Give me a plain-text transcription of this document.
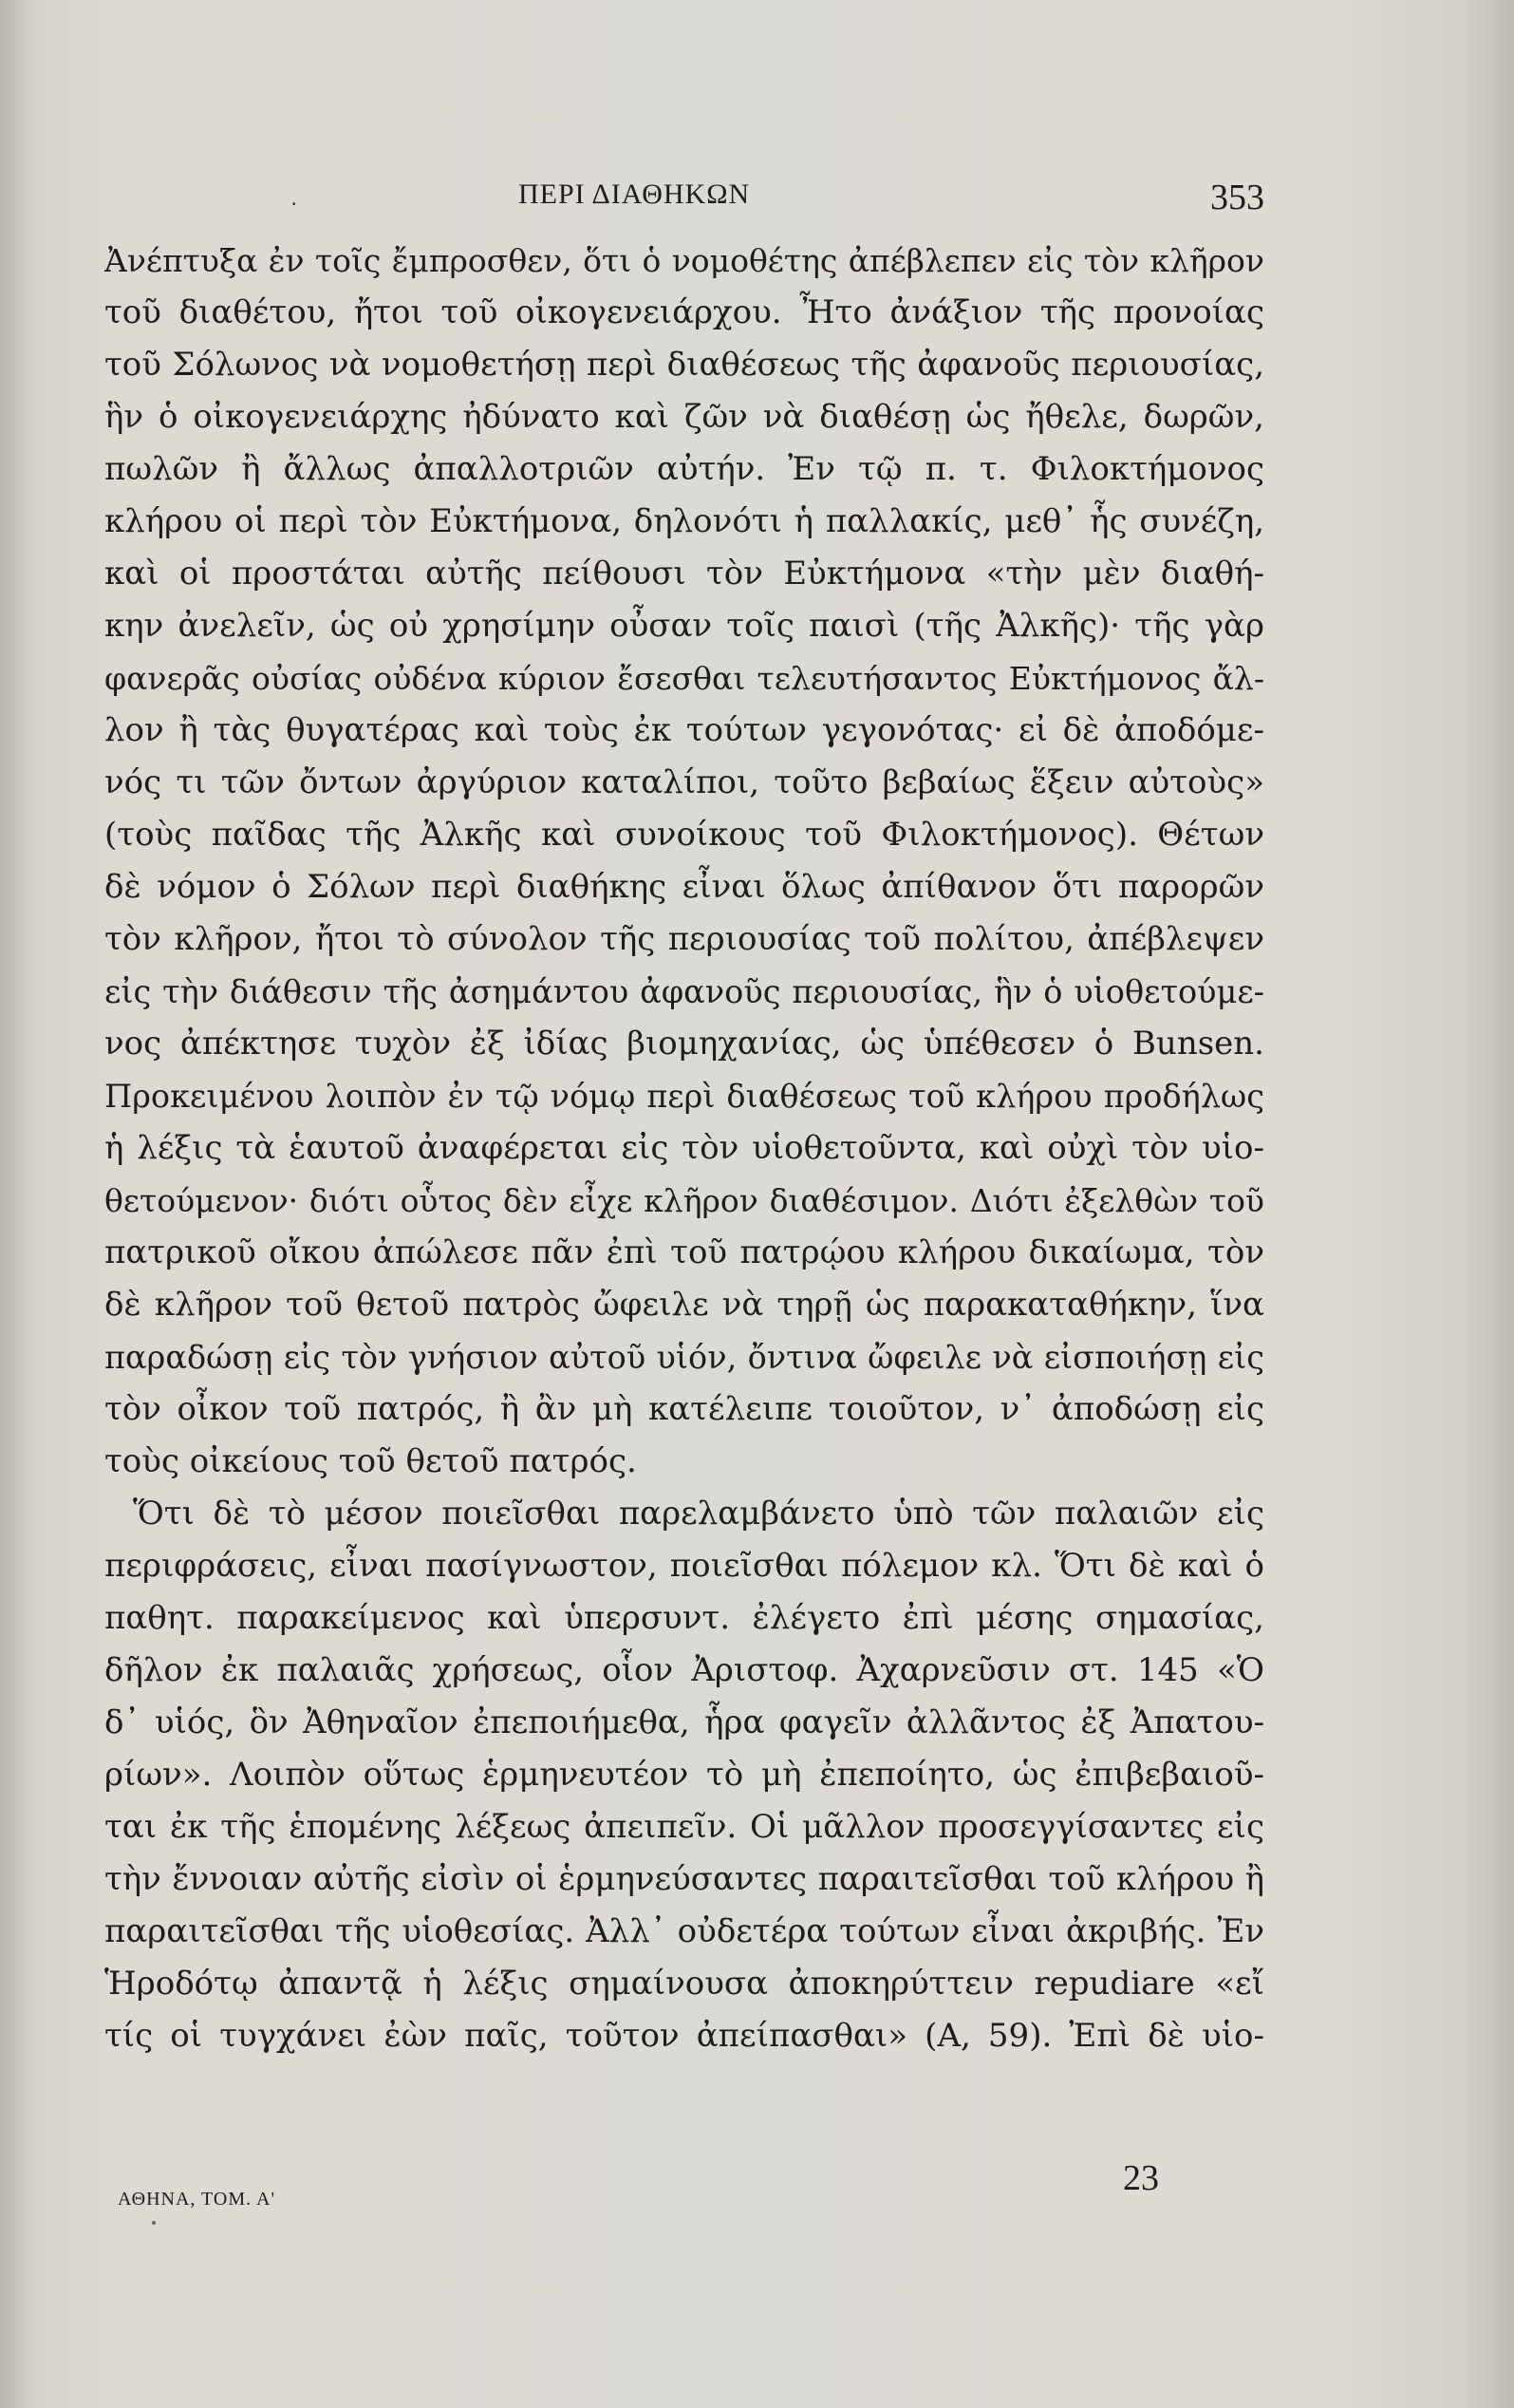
·	ΠΕΡΙ ΔΙΑΘΗΚΩΝ	353
Ἀνέπτυξα ἐν τοῖς ἔμπροσθεν, ὅτι ὁ νομοθέτης ἀπέβλεπεν εἰς τὸν κλῆρον
τοῦ διαθέτου, ἤτοι τοῦ οἰκογενειάρχου. Ἦτο ἀνάξιον τῆς προνοίας
τοῦ Σόλωνος νὰ νομοθετήσῃ περὶ διαθέσεως τῆς ἀφανοῦς περιουσίας,
ἣν ὁ οἰκογενειάρχης ἠδύνατο καὶ ζῶν νὰ διαθέσῃ ὡς ἤθελε, δωρῶν,
πωλῶν ἢ ἄλλως ἀπαλλοτριῶν αὐτήν. Ἐν τῷ π. τ. Φιλοκτήμονος
κλήρου οἱ περὶ τὸν Εὐκτήμονα, δηλονότι ἡ παλλακίς, μεθ᾽ ἧς συνέζη,
καὶ οἱ προστάται αὐτῆς πείθουσι τὸν Εὐκτήμονα «τὴν μὲν διαθή-
κην ἀνελεῖν, ὡς οὐ χρησίμην οὖσαν τοῖς παισὶ (τῆς Ἀλκῆς)· τῆς γὰρ
φανερᾶς οὐσίας οὐδένα κύριον ἔσεσθαι τελευτήσαντος Εὐκτήμονος ἄλ-
λον ἢ τὰς θυγατέρας καὶ τοὺς ἐκ τούτων γεγονότας· εἰ δὲ ἀποδόμε-
νός τι τῶν ὄντων ἀργύριον καταλίποι, τοῦτο βεβαίως ἕξειν αὐτοὺς»
(τοὺς παῖδας τῆς Ἀλκῆς καὶ συνοίκους τοῦ Φιλοκτήμονος). Θέτων
δὲ νόμον ὁ Σόλων περὶ διαθήκης εἶναι ὅλως ἀπίθανον ὅτι παρορῶν
τὸν κλῆρον, ἤτοι τὸ σύνολον τῆς περιουσίας τοῦ πολίτου, ἀπέβλεψεν
εἰς τὴν διάθεσιν τῆς ἀσημάντου ἀφανοῦς περιουσίας, ἣν ὁ υἱοθετούμε-
νος ἀπέκτησε τυχὸν ἐξ ἰδίας βιομηχανίας, ὡς ὑπέθεσεν ὁ Bunsen.
Προκειμένου λοιπὸν ἐν τῷ νόμῳ περὶ διαθέσεως τοῦ κλήρου προδήλως
ἡ λέξις τὰ ἑαυτοῦ ἀναφέρεται εἰς τὸν υἱοθετοῦντα, καὶ οὐχὶ τὸν υἱο-
θετούμενον· διότι οὗτος δὲν εἶχε κλῆρον διαθέσιμον. Διότι ἐξελθὼν τοῦ
πατρικοῦ οἴκου ἀπώλεσε πᾶν ἐπὶ τοῦ πατρῴου κλήρου δικαίωμα, τὸν
δὲ κλῆρον τοῦ θετοῦ πατρὸς ὤφειλε νὰ τηρῇ ὡς παρακαταθήκην, ἵνα
παραδώσῃ εἰς τὸν γνήσιον αὐτοῦ υἱόν, ὄντινα ὤφειλε νὰ εἰσποιήσῃ εἰς
τὸν οἶκον τοῦ πατρός, ἢ ἂν μὴ κατέλειπε τοιοῦτον, ν᾽ ἀποδώσῃ εἰς
τοὺς οἰκείους τοῦ θετοῦ πατρός.
Ὅτι δὲ τὸ μέσον ποιεῖσθαι παρελαμβάνετο ὑπὸ τῶν παλαιῶν εἰς
περιφράσεις, εἶναι πασίγνωστον, ποιεῖσθαι πόλεμον κλ. Ὅτι δὲ καὶ ὁ
παθητ. παρακείμενος καὶ ὑπερσυντ. ἐλέγετο ἐπὶ μέσης σημασίας,
δῆλον ἐκ παλαιᾶς χρήσεως, οἷον Ἀριστοφ. Ἀχαρνεῦσιν στ. 145 «Ὁ
δ᾽ υἱός, ὃν Ἀθηναῖον ἐπεποιήμεθα, ἧρα φαγεῖν ἀλλᾶντος ἐξ Ἀπατου-
ρίων». Λοιπὸν οὕτως ἑρμηνευτέον τὸ μὴ ἐπεποίητο, ὡς ἐπιβεβαιοῦ-
ται ἐκ τῆς ἑπομένης λέξεως ἀπειπεῖν. Οἱ μᾶλλον προσεγγίσαντες εἰς
τὴν ἔννοιαν αὐτῆς εἰσὶν οἱ ἑρμηνεύσαντες παραιτεῖσθαι τοῦ κλήρου ἢ
παραιτεῖσθαι τῆς υἱοθεσίας. Ἀλλ᾽ οὐδετέρα τούτων εἶναι ἀκριβής. Ἐν
Ἡροδότῳ ἀπαντᾷ ἡ λέξις σημαίνουσα ἀποκηρύττειν repudiare «εἴ
τίς οἱ τυγχάνει ἐὼν παῖς, τοῦτον ἀπείπασθαι» (Α, 59). Ἐπὶ δὲ υἱο-
ΑΘΗΝΑ, ΤΟΜ. Α'
23
